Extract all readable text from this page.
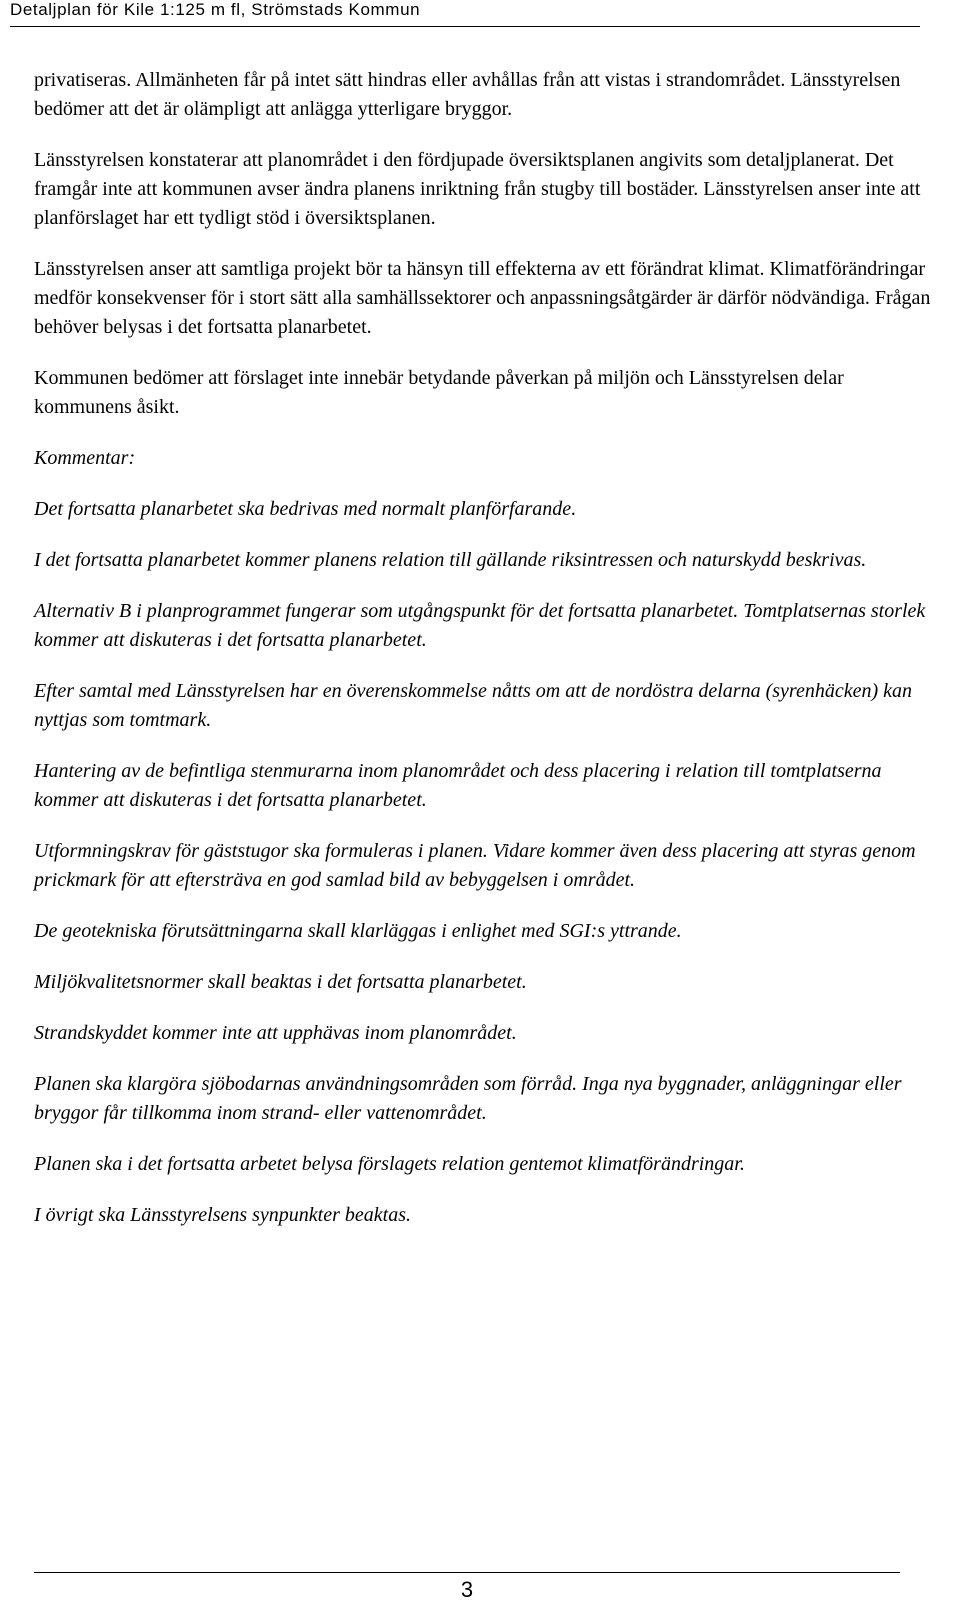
Detaljplan för Kile 1:125 m fl, Strömstads Kommun

privatiseras. Allmänheten får på intet sätt hindras eller avhållas från att vistas i strandområdet. Länsstyrelsen bedömer att det är olämpligt att anlägga ytterligare bryggor.

Länsstyrelsen konstaterar att planområdet i den fördjupade översiktsplanen angivits som detaljplanerat. Det framgår inte att kommunen avser ändra planens inriktning från stugby till bostäder. Länsstyrelsen anser inte att planförslaget har ett tydligt stöd i översiktsplanen.

Länsstyrelsen anser att samtliga projekt bör ta hänsyn till effekterna av ett förändrat klimat. Klimatförändringar medför konsekvenser för i stort sätt alla samhällssektorer och anpassningsåtgärder är därför nödvändiga. Frågan behöver belysas i det fortsatta planarbetet.

Kommunen bedömer att förslaget inte innebär betydande påverkan på miljön och Länsstyrelsen delar kommunens åsikt.

Kommentar:

Det fortsatta planarbetet ska bedrivas med normalt planförfarande.

I det fortsatta planarbetet kommer planens relation till gällande riksintressen och naturskydd beskrivas.

Alternativ B i planprogrammet fungerar som utgångspunkt för det fortsatta planarbetet. Tomtplatsernas storlek kommer att diskuteras i det fortsatta planarbetet.

Efter samtal med Länsstyrelsen har en överenskommelse nåtts om att de nordöstra delarna (syrenhäcken) kan nyttjas som tomtmark.

Hantering av de befintliga stenmurarna inom planområdet och dess placering i relation till tomtplatserna kommer att diskuteras i det fortsatta planarbetet.

Utformningskrav för gäststugor ska formuleras i planen. Vidare kommer även dess placering att styras genom prickmark för att eftersträva en god samlad bild av bebyggelsen i området.

De geotekniska förutsättningarna skall klarläggas i enlighet med SGI:s yttrande.

Miljökvalitetsnormer skall beaktas i det fortsatta planarbetet.

Strandskyddet kommer inte att upphävas inom planområdet.

Planen ska klargöra sjöbodarnas användningsområden som förråd. Inga nya byggnader, anläggningar eller bryggor får tillkomma inom strand- eller vattenområdet.

Planen ska i det fortsatta arbetet belysa förslagets relation gentemot klimatförändringar.

I övrigt ska Länsstyrelsens synpunkter beaktas.

3
